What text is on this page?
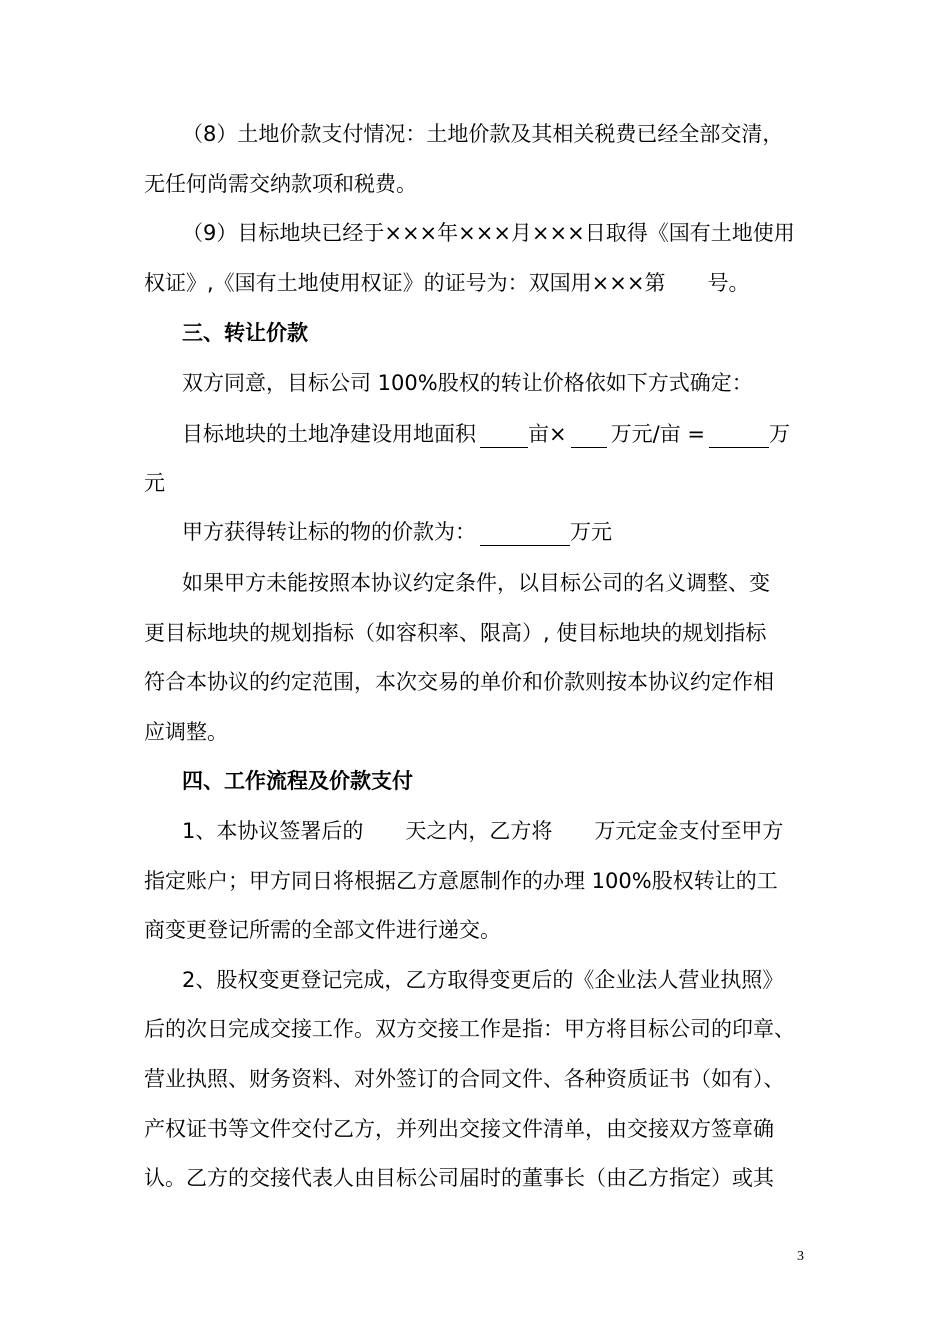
（8）土地价款支付情况：土地价款及其相关税费已经全部交清，
无任何尚需交纳款项和税费。
（9）目标地块已经于×××年×××月×××日取得《国有土地使用
权证》,《国有土地使用权证》的证号为：双国用×××第　　号。
三、转让价款
双方同意，目标公司 100%股权的转让价格依如下方式确定：
目标地块的土地净建设用地面积 亩× 万元/亩 =	万
元
甲方获得转让标的物的价款为：	万元
如果甲方未能按照本协议约定条件，以目标公司的名义调整、变
更目标地块的规划指标（如容积率、限高）, 使目标地块的规划指标
符合本协议的约定范围，本次交易的单价和价款则按本协议约定作相
应调整。
四、工作流程及价款支付
1、本协议签署后的　　天之内，乙方将　　万元定金支付至甲方
指定账户；甲方同日将根据乙方意愿制作的办理 100%股权转让的工
商变更登记所需的全部文件进行递交。
2、股权变更登记完成，乙方取得变更后的《企业法人营业执照》
后的次日完成交接工作。双方交接工作是指：甲方将目标公司的印章、
营业执照、财务资料、对外签订的合同文件、各种资质证书（如有）、
产权证书等文件交付乙方，并列出交接文件清单，由交接双方签章确
认。乙方的交接代表人由目标公司届时的董事长（由乙方指定）或其
3
